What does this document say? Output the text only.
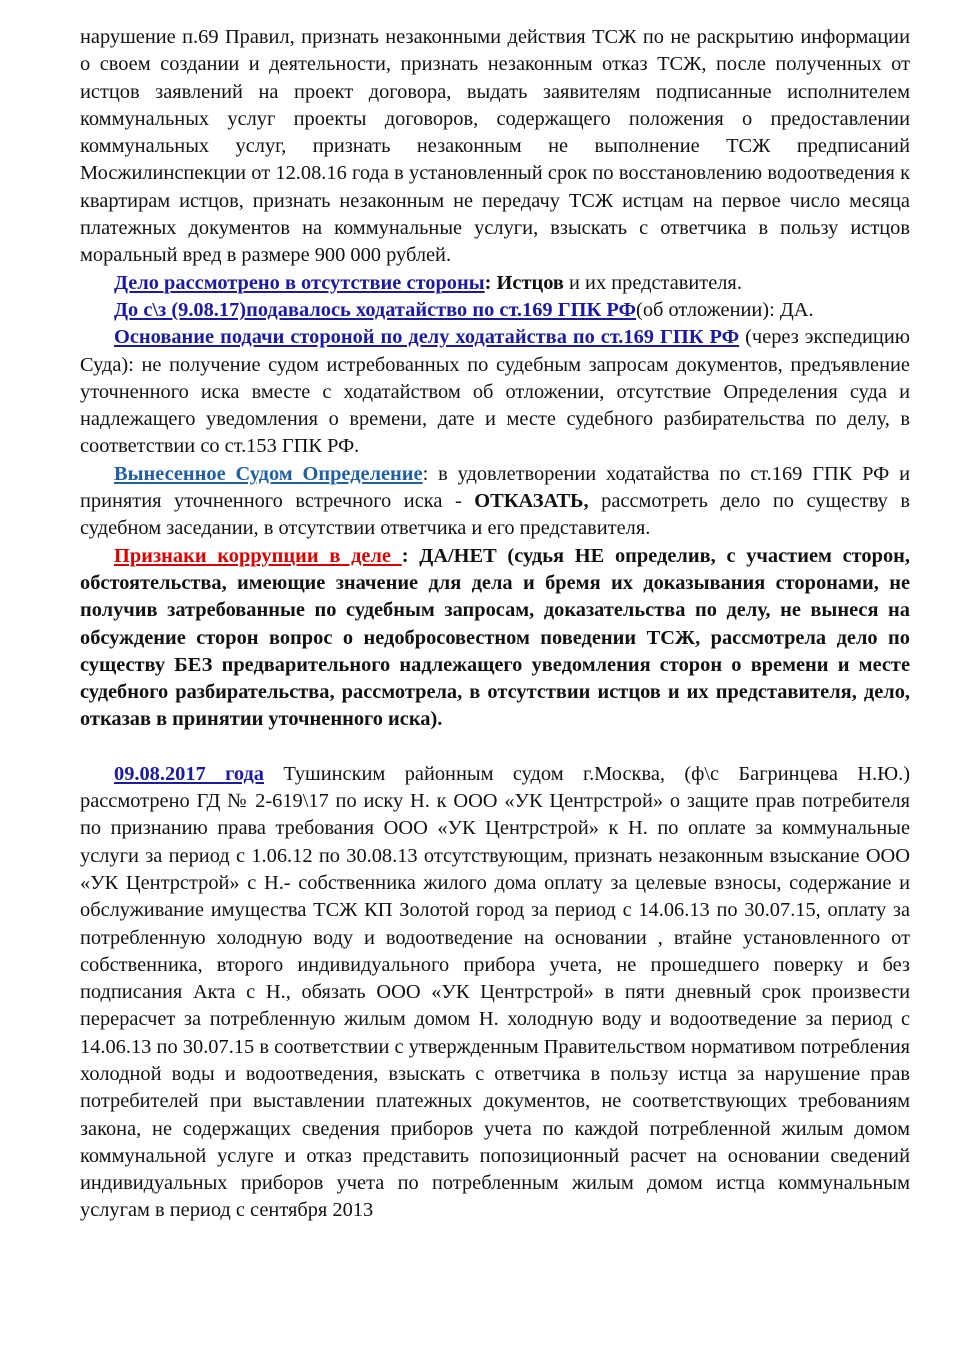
нарушение п.69 Правил, признать незаконными действия ТСЖ по не раскрытию информации о своем создании и деятельности, признать незаконным отказ ТСЖ, после полученных от истцов заявлений на проект договора, выдать заявителям подписанные исполнителем коммунальных услуг проекты договоров, содержащего положения о предоставлении коммунальных услуг, признать незаконным не выполнение ТСЖ предписаний Мосжилинспекции от 12.08.16 года в установленный срок по восстановлению водоотведения к квартирам истцов, признать незаконным не передачу ТСЖ истцам на первое число месяца платежных документов на коммунальные услуги, взыскать с ответчика в пользу истцов моральный вред в размере 900 000 рублей.

Дело рассмотрено в отсутствие стороны: Истцов и их представителя.

До с\з (9.08.17)подавалось ходатайство по ст.169 ГПК РФ(об отложении): ДА.

Основание подачи стороной по делу ходатайства по ст.169 ГПК РФ (через экспедицию Суда): не получение судом истребованных по судебным запросам документов, предъявление уточненного иска вместе с ходатайством об отложении, отсутствие Определения суда и надлежащего уведомления о времени, дате и месте судебного разбирательства по делу, в соответствии со ст.153 ГПК РФ.

Вынесенное Судом Определение: в удовлетворении ходатайства по ст.169 ГПК РФ и принятия уточненного встречного иска - ОТКАЗАТЬ, рассмотреть дело по существу в судебном заседании, в отсутствии ответчика и его представителя.

Признаки коррупции в деле : ДА/НЕТ (судья НЕ определив, с участием сторон, обстоятельства, имеющие значение для дела и бремя их доказывания сторонами, не получив затребованные по судебным запросам, доказательства по делу, не вынеся на обсуждение сторон вопрос о недобросовестном поведении ТСЖ, рассмотрела дело по существу БЕЗ предварительного надлежащего уведомления сторон о времени и месте судебного разбирательства, рассмотрела, в отсутствии истцов и их представителя, дело, отказав в принятии уточненного иска).

09.08.2017 года Тушинским районным судом г.Москва, (ф\с Багринцева Н.Ю.) рассмотрено ГД № 2-619\17 по иску Н. к ООО «УК Центрстрой» о защите прав потребителя по признанию права требования ООО «УК Центрстрой» к Н. по оплате за коммунальные услуги за период с 1.06.12 по 30.08.13 отсутствующим, признать незаконным взыскание ООО «УК Центрстрой» с Н.- собственника жилого дома оплату за целевые взносы, содержание и обслуживание имущества ТСЖ КП Золотой город за период с 14.06.13 по 30.07.15, оплату за потребленную холодную воду и водоотведение на основании , втайне установленного от собственника, второго индивидуального прибора учета, не прошедшего поверку и без подписания Акта с Н., обязать ООО «УК Центрстрой» в пяти дневный срок произвести перерасчет за потребленную жилым домом Н. холодную воду и водоотведение за период с 14.06.13 по 30.07.15 в соответствии с утвержденным Правительством нормативом потребления холодной воды и водоотведения, взыскать с ответчика в пользу истца за нарушение прав потребителей при выставлении платежных документов, не соответствующих требованиям закона, не содержащих сведения приборов учета по каждой потребленной жилым домом коммунальной услуге и отказ представить попозиционный расчет на основании сведений индивидуальных приборов учета по потребленным жилым домом истца коммунальным услугам в период с сентября 2013
